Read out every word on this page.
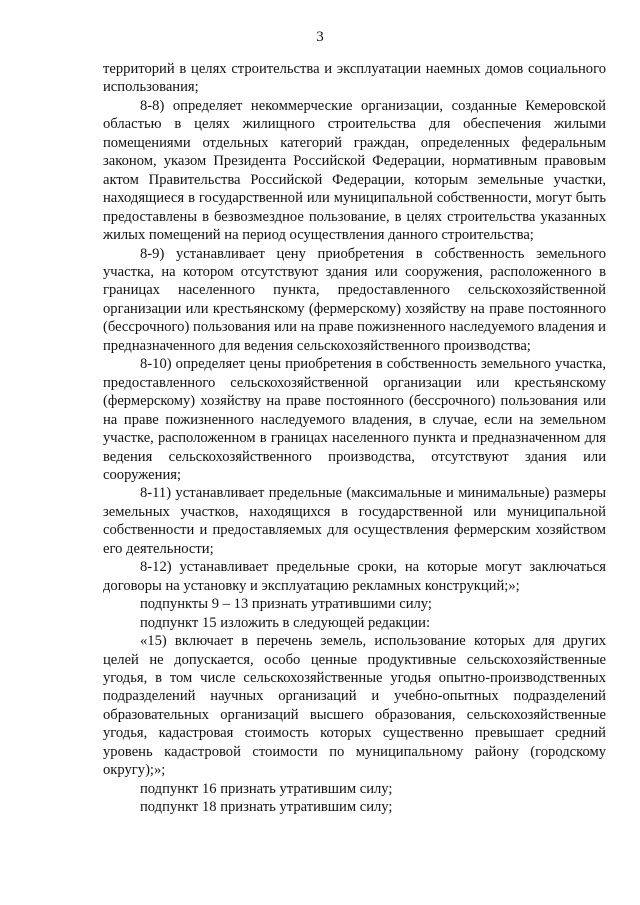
3

территорий в целях строительства и эксплуатации наемных домов социального использования;

8-8) определяет некоммерческие организации, созданные Кемеровской областью в целях жилищного строительства для обеспечения жилыми помещениями отдельных категорий граждан, определенных федеральным законом, указом Президента Российской Федерации, нормативным правовым актом Правительства Российской Федерации, которым земельные участки, находящиеся в государственной или муниципальной собственности, могут быть предоставлены в безвозмездное пользование, в целях строительства указанных жилых помещений на период осуществления данного строительства;

8-9) устанавливает цену приобретения в собственность земельного участка, на котором отсутствуют здания или сооружения, расположенного в границах населенного пункта, предоставленного сельскохозяйственной организации или крестьянскому (фермерскому) хозяйству на праве постоянного (бессрочного) пользования или на праве пожизненного наследуемого владения и предназначенного для ведения сельскохозяйственного производства;

8-10) определяет цены приобретения в собственность земельного участка, предоставленного сельскохозяйственной организации или крестьянскому (фермерскому) хозяйству на праве постоянного (бессрочного) пользования или на праве пожизненного наследуемого владения, в случае, если на земельном участке, расположенном в границах населенного пункта и предназначенном для ведения сельскохозяйственного производства, отсутствуют здания или сооружения;

8-11) устанавливает предельные (максимальные и минимальные) размеры земельных участков, находящихся в государственной или муниципальной собственности и предоставляемых для осуществления фермерским хозяйством его деятельности;

8-12) устанавливает предельные сроки, на которые могут заключаться договоры на установку и эксплуатацию рекламных конструкций;»;

подпункты 9 – 13 признать утратившими силу;

подпункт 15 изложить в следующей редакции:

«15) включает в перечень земель, использование которых для других целей не допускается, особо ценные продуктивные сельскохозяйственные угодья, в том числе сельскохозяйственные угодья опытно-производственных подразделений научных организаций и учебно-опытных подразделений образовательных организаций высшего образования, сельскохозяйственные угодья, кадастровая стоимость которых существенно превышает средний уровень кадастровой стоимости по муниципальному району (городскому округу);»;

подпункт 16 признать утратившим силу;

подпункт 18 признать утратившим силу;
